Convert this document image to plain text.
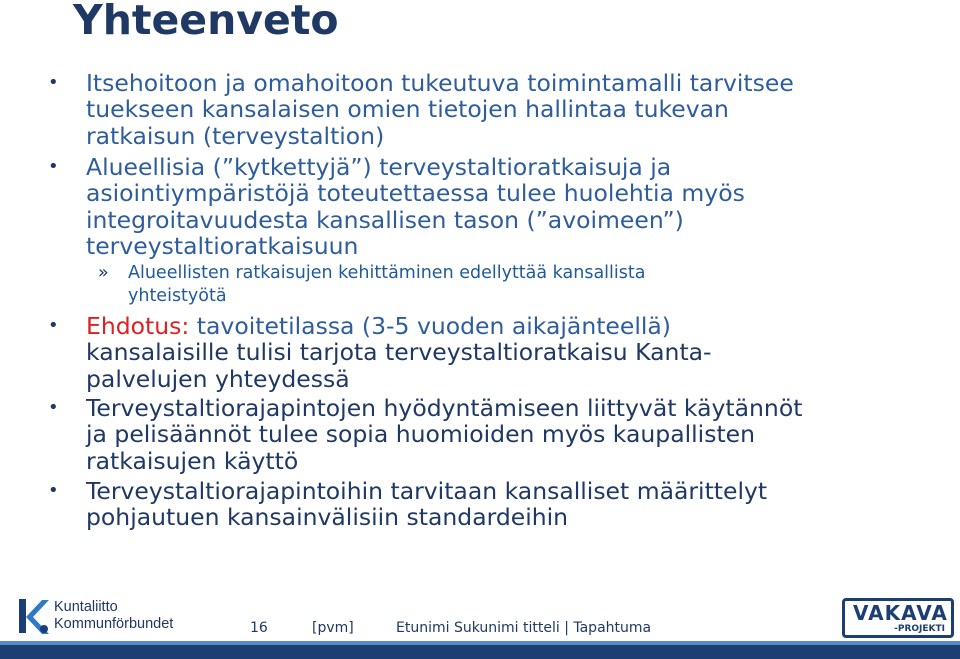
Yhteenveto
• Itsehoitoon ja omahoitoon tukeutuva toimintamalli tarvitsee
tuekseen kansalaisen omien tietojen hallintaa tukevan
ratkaisun (terveystaltion)
• Alueellisia (”kytkettyjä”) terveystaltioratkaisuja ja
asiointiympäristöjä toteutettaessa tulee huolehtia myös
integroitavuudesta kansallisen tason (”avoimeen”)
terveystaltioratkaisuun
» Alueellisten ratkaisujen kehittäminen edellyttää kansallista
yhteistyötä
• Ehdotus: tavoitetilassa (3-5 vuoden aikajänteellä)
kansalaisille tulisi tarjota terveystaltioratkaisu Kanta-
palvelujen yhteydessä
• Terveystaltiorajapintojen hyödyntämiseen liittyvät käytännöt
ja pelisäännöt tulee sopia huomioiden myös kaupallisten
ratkaisujen käyttö
• Terveystaltiorajapintoihin tarvitaan kansalliset määrittelyt
pohjautuen kansainvälisiin standardeihin
Kuntaliitto
Kommunförbundet	16	[pvm]	Etunimi Sukunimi titteli | Tapahtuma
VAKAVA
-PROJEKTI
